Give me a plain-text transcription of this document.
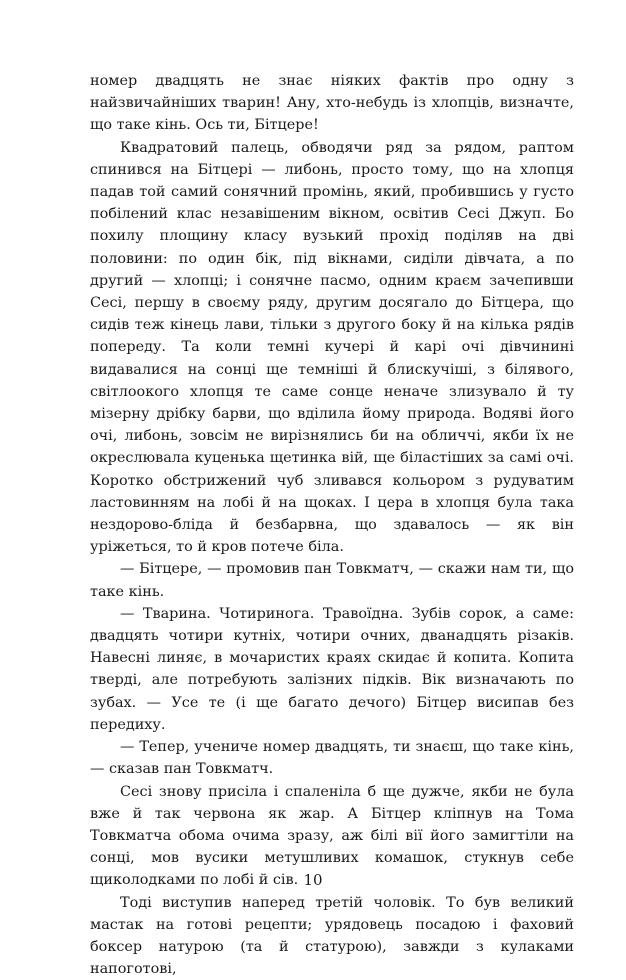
номер двадцять не знає ніяких фактів про одну з найзвичайніших тварин! Ану, хто-небудь із хлопців, визначте, що таке кінь. Ось ти, Бітцере!

Квадратовий палець, обводячи ряд за рядом, раптом спинився на Бітцері — либонь, просто тому, що на хлопця падав той самий сонячний промінь, який, пробившись у густо побілений клас незавішеним вікном, освітив Сесі Джуп. Бо похилу площину класу вузький прохід поділяв на дві половини: по один бік, під вікнами, сиділи дівчата, а по другий — хлопці; і сонячне пасмо, одним краєм зачепивши Сесі, першу в своєму ряду, другим досягало до Бітцера, що сидів теж кінець лави, тільки з другого боку й на кілька рядів попереду. Та коли темні кучері й карі очі дівчинині видавалися на сонці ще темніші й блискучіші, з білявого, світлоокого хлопця те саме сонце неначе злизувало й ту мізерну дрібку барви, що вділила йому природа. Водяві його очі, либонь, зовсім не вирізнялись би на обличчі, якби їх не окреслювала куценька щетинка вій, ще біластіших за самі очі. Коротко обстрижений чуб зливався кольором з рудуватим ластовинням на лобі й на щоках. І цера в хлопця була така нездорово-бліда й безбарвна, що здавалось — як він уріжеться, то й кров потече біла.

— Бітцере, — промовив пан Товкматч, — скажи нам ти, що таке кінь.

— Тварина. Чотиринога. Травоїдна. Зубів сорок, а саме: двадцять чотири кутніх, чотири очних, дванадцять різаків. Навесні линяє, в мочаристих краях скидає й копита. Копита тверді, але потребують залізних підків. Вік визначають по зубах. — Усе те (і ще багато дечого) Бітцер висипав без передиху.

— Тепер, учениче номер двадцять, ти знаєш, що таке кінь, — сказав пан Товкматч.

Сесі знову присіла і спаленіла б ще дужче, якби не була вже й так червона як жар. А Бітцер кліпнув на Тома Товкматча обома очима зразу, аж білі вії його замигтіли на сонці, мов вусики метушливих комашок, стукнув себе щиколодками по лобі й сів.

Тоді виступив наперед третій чоловік. То був великий мастак на готові рецепти; урядовець посадою і фаховий боксер натурою (та й статурою), завжди з кулаками напоготові,

10
